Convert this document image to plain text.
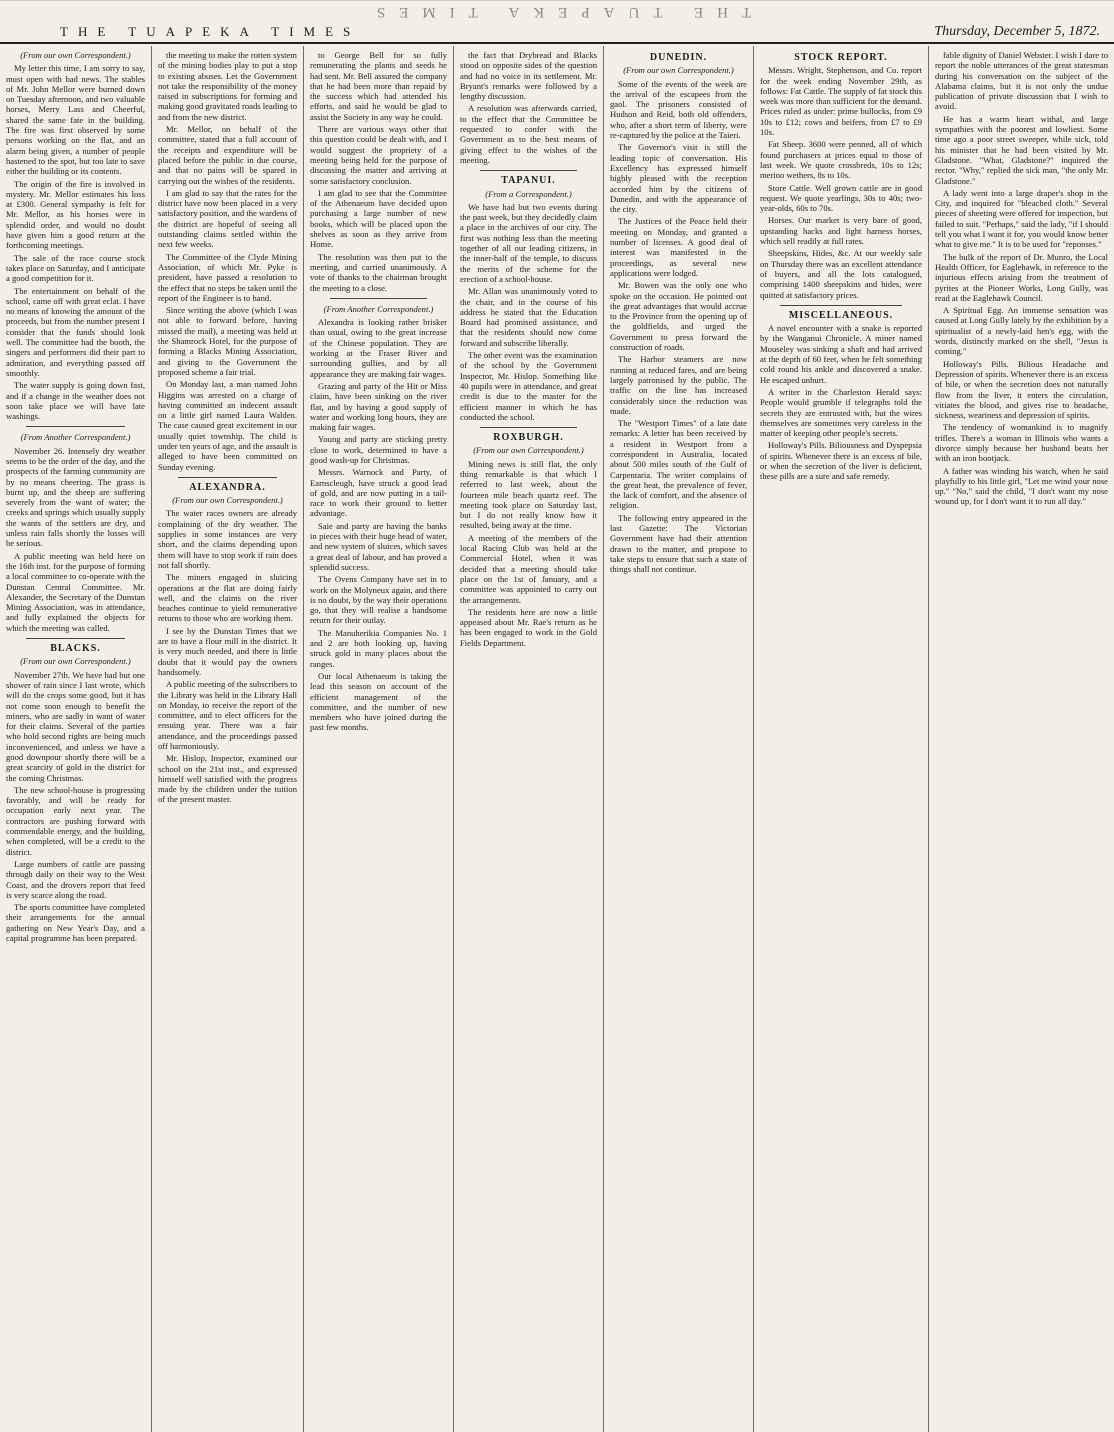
THE TUAPEKA TIMES
THE TUAPEKA TIMES	Thursday, December 5, 1872.
(From our own Correspondent.)

My letter this time, I am sorry to say, must open with bad news. The stables of Mr. John Mellor were burned down on Tuesday afternoon, and two valuable horses, Merry Lass and Cheerful, shared the same fate in the building. The fire was first observed by some persons working on the flat, and an alarm being given, a number of people hastened to the spot, but too late to save either the building or its contents.

The origin of the fire is involved in mystery. Mr. Mellor estimates his loss at £300. General sympathy is felt for Mr. Mellor, as his horses were in splendid order, and would no doubt have given him a good return at the forthcoming meetings.

The sale of the race course stock takes place on Saturday, and I anticipate a good competition for it.

The entertainment on behalf of the school, came off with great eclat. I have no means of knowing the amount of the proceeds, but from the number present I consider that the funds should look well. The committee had the booth, the singers and performers did their part to admiration, and everything passed off smoothly.

The water supply is going down fast, and if a change in the weather does not soon take place we will have late washings.

(From Another Correspondent.)

November 26. Intensely dry weather seems to be the order of the day, and the prospects of the farming community are by no means cheering. The grass is burnt up, and the sheep are suffering severely from the want of water; the creeks and springs which usually supply the wants of the settlers are dry, and unless rain falls shortly the losses will be serious.

A public meeting was held here on the 16th inst. for the purpose of forming a local committee to co-operate with the Dunstan Central Committee. Mr. Alexander, the Secretary of the Dunstan Mining Association, was in attendance, and fully explained the objects for which the meeting was called.

BLACKS.
(From our own Correspondent.)

November 27th. We have had but one shower of rain since I last wrote, which will do the crops some good, but it has not come soon enough to benefit the miners, who are sadly in want of water for their claims. Several of the parties who hold second rights are being much inconvenienced, and unless we have a good downpour shortly there will be a great scarcity of gold in the district for the coming Christmas.

The new school-house is progressing favorably, and will be ready for occupation early next year. The contractors are pushing forward with commendable energy, and the building, when completed, will be a credit to the district.

Large numbers of cattle are passing through daily on their way to the West Coast, and the drovers report that feed is very scarce along the road.

The sports committee have completed their arrangements for the annual gathering on New Year's Day, and a capital programme has been prepared.

the meeting to make the rotten system of the mining bodies play to put a stop to existing abuses. Let the Government not take the responsibility of the money raised in subscriptions for forming and making good gravitated roads leading to and from the new district.

Mr. Mellor, on behalf of the committee, stated that a full account of the receipts and expenditure will be placed before the public in due course, and that no pains will be spared in carrying out the wishes of the residents.

I am glad to say that the rates for the district have now been placed in a very satisfactory position, and the wardens of the district are hopeful of seeing all outstanding claims settled within the next few weeks.

The Committee of the Clyde Mining Association, of which Mr. Pyke is president, have passed a resolution to the effect that no steps be taken until the report of the Engineer is to hand.

Since writing the above (which I was not able to forward before, having missed the mail), a meeting was held at the Shamrock Hotel, for the purpose of forming a Blacks Mining Association, and giving to the Government the proposed scheme a fair trial.

On Monday last, a man named John Higgins was arrested on a charge of having committed an indecent assault on a little girl named Laura Walden. The case caused great excitement in our usually quiet township. The child is under ten years of age, and the assault is alleged to have been committed on Sunday evening.

ALEXANDRA.
(From our own Correspondent.)

The water races owners are already complaining of the dry weather. The supplies in some instances are very short, and the claims depending upon them will have to stop work if rain does not fall shortly.

The miners engaged in sluicing operations at the flat are doing fairly well, and the claims on the river beaches continue to yield remunerative returns to those who are working them.

I see by the Dunstan Times that we are to have a flour mill in the district. It is very much needed, and there is little doubt that it would pay the owners handsomely.

A public meeting of the subscribers to the Library was held in the Library Hall on Monday, to receive the report of the committee, and to elect officers for the ensuing year. There was a fair attendance, and the proceedings passed off harmoniously.

Mr. Hislop, Inspector, examined our school on the 21st inst., and expressed himself well satisfied with the progress made by the children under the tuition of the present master.

to George Bell for so fully remunerating the plants and seeds he had sent. Mr. Bell assured the company that he had been more than repaid by the success which had attended his efforts, and said he would be glad to assist the Society in any way he could.

There are various ways other that this question could be dealt with, and I would suggest the propriety of a meeting being held for the purpose of discussing the matter and arriving at some satisfactory conclusion.

I am glad to see that the Committee of the Athenaeum have decided upon purchasing a large number of new books, which will be placed upon the shelves as soon as they arrive from Home.

The resolution was then put to the meeting, and carried unanimously. A vote of thanks to the chairman brought the meeting to a close.

(From Another Correspondent.)

Alexandra is looking rather brisker than usual, owing to the great increase of the Chinese population. They are working at the Fraser River and surrounding gullies, and by all appearance they are making fair wages.

Grazing and party of the Hit or Miss claim, have been sinking on the river flat, and by having a good supply of water and working long hours, they are making fair wages.

Young and party are sticking pretty close to work, determined to have a good wash-up for Christmas.

Messrs. Warnock and Party, of Earnscleugh, have struck a good lead of gold, and are now putting in a tail-race to work their ground to better advantage.

Saie and party are having the banks in pieces with their huge head of water, and new system of sluices, which saves a great deal of labour, and has proved a splendid success.

The Ovens Company have set in to work on the Molyneux again, and there is no doubt, by the way their operations go, that they will realise a handsome return for their outlay.

The Manuherikia Companies No. 1 and 2 are both looking up, having struck gold in many places about the ranges.

Our local Athenaeum is taking the lead this season on account of the efficient management of the committee, and the number of new members who have joined during the past few months.

the fact that Drybread and Blacks stood on opposite sides of the question and had no voice in its settlement. Mr. Bryant's remarks were followed by a lengthy discussion.

A resolution was afterwards carried, to the effect that the Committee be requested to confer with the Government as to the best means of giving effect to the wishes of the meeting.

TAPANUI.
(From a Correspondent.)

We have had but two events during the past week, but they decidedly claim a place in the archives of our city. The first was nothing less than the meeting together of all our leading citizens, in the inner-half of the temple, to discuss the merits of the scheme for the erection of a school-house.

Mr. Allan was unanimously voted to the chair, and in the course of his address he stated that the Education Board had promised assistance, and that the residents should now come forward and subscribe liberally.

The other event was the examination of the school by the Government Inspector, Mr. Hislop. Something like 40 pupils were in attendance, and great credit is due to the master for the efficient manner in which he has conducted the school.

ROXBURGH.
(From our own Correspondent.)

Mining news is still flat, the only thing remarkable is that which I referred to last week, about the fourteen mile beach quartz reef. The meeting took place on Saturday last, but I do not really know how it resulted, being away at the time.

A meeting of the members of the local Racing Club was held at the Commercial Hotel, when it was decided that a meeting should take place on the 1st of January, and a committee was appointed to carry out the arrangements.

The residents here are now a little appeased about Mr. Rae's return as he has been engaged to work in the Gold Fields Department.

DUNEDIN.
(From our own Correspondent.)

Some of the events of the week are the arrival of the escapees from the gaol. The prisoners consisted of Hudson and Reid, both old offenders, who, after a short term of liberty, were re-captured by the police at the Taieri.

The Governor's visit is still the leading topic of conversation. His Excellency has expressed himself highly pleased with the reception accorded him by the citizens of Dunedin, and with the appearance of the city.

The Justices of the Peace held their meeting on Monday, and granted a number of licenses. A good deal of interest was manifested in the proceedings, as several new applications were lodged.

Mr. Bowen was the only one who spoke on the occasion. He pointed out the great advantages that would accrue to the Province from the opening up of the goldfields, and urged the Government to press forward the construction of roads.

The Harbor steamers are now running at reduced fares, and are being largely patronised by the public. The traffic on the line has increased considerably since the reduction was made.

The "Westport Times" of a late date remarks: A letter has been received by a resident in Westport from a correspondent in Australia, located about 500 miles south of the Gulf of Carpentaria. The writer complains of the great heat, the prevalence of fever, the lack of comfort, and the absence of religion.

The following entry appeared in the last Gazette: The Victorian Government have had their attention drawn to the matter, and propose to take steps to ensure that such a state of things shall not continue.

STOCK REPORT.

Messrs. Wright, Stephenson, and Co. report for the week ending November 29th, as follows: Fat Cattle. The supply of fat stock this week was more than sufficient for the demand. Prices ruled as under: prime bullocks, from £9 10s to £12; cows and heifers, from £7 to £9 10s.

Fat Sheep. 3600 were penned, all of which found purchasers at prices equal to those of last week. We quote crossbreds, 10s to 12s; merino wethers, 8s to 10s.

Store Cattle. Well grown cattle are in good request. We quote yearlings, 30s to 40s; two-year-olds, 60s to 70s.

Horses. Our market is very bare of good, upstanding hacks and light harness horses, which sell readily at full rates.

Sheepskins, Hides, &c. At our weekly sale on Thursday there was an excellent attendance of buyers, and all the lots catalogued, comprising 1400 sheepskins and hides, were quitted at satisfactory prices.

MISCELLANEOUS.

A novel encounter with a snake is reported by the Wanganui Chronicle. A miner named Mouseley was sinking a shaft and had arrived at the depth of 60 feet, when he felt something cold round his ankle and discovered a snake. He escaped unhurt.

A writer in the Charleston Herald says: People would grumble if telegraphs told the secrets they are entrusted with, but the wires themselves are sometimes very careless in the matter of keeping other people's secrets.

Holloway's Pills. Biliousness and Dyspepsia of spirits. Whenever there is an excess of bile, or when the secretion of the liver is deficient, these pills are a sure and safe remedy.

fable dignity of Daniel Webster. I wish I dare to report the noble utterances of the great statesman during his conversation on the subject of the Alabama claims, but it is not only the undue publication of private discussion that I wish to avoid.

He has a warm heart withal, and large sympathies with the poorest and lowliest. Some time ago a poor street sweeper, while sick, told his minister that he had been visited by Mr. Gladstone. "What, Gladstone?" inquired the rector. "Why," replied the sick man, "the only Mr. Gladstone."

A lady went into a large draper's shop in the City, and inquired for "bleached cloth." Several pieces of sheeting were offered for inspection, but failed to suit. "Perhaps," said the lady, "if I should tell you what I want it for, you would know better what to give me." It is to be used for "reponses."

The bulk of the report of Dr. Munro, the Local Health Officer, for Eaglehawk, in reference to the injurious effects arising from the treatment of pyrites at the Pioneer Works, Long Gully, was read at the Eaglehawk Council.

A Spiritual Egg. An immense sensation was caused at Long Gully lately by the exhibition by a spiritualist of a newly-laid hen's egg, with the words, distinctly marked on the shell, "Jesus is coming."

Holloway's Pills. Bilious Headache and Depression of spirits. Whenever there is an excess of bile, or when the secretion does not naturally flow from the liver, it enters the circulation, vitiates the blood, and gives rise to headache, sickness, weariness and depression of spirits.

The tendency of womankind is to magnify trifles. There's a woman in Illinois who wants a divorce simply because her husband beats her with an iron bootjack.

A father was winding his watch, when he said playfully to his little girl, "Let me wind your nose up." "No," said the child, "I don't want my nose wound up, for I don't want it to run all day."
